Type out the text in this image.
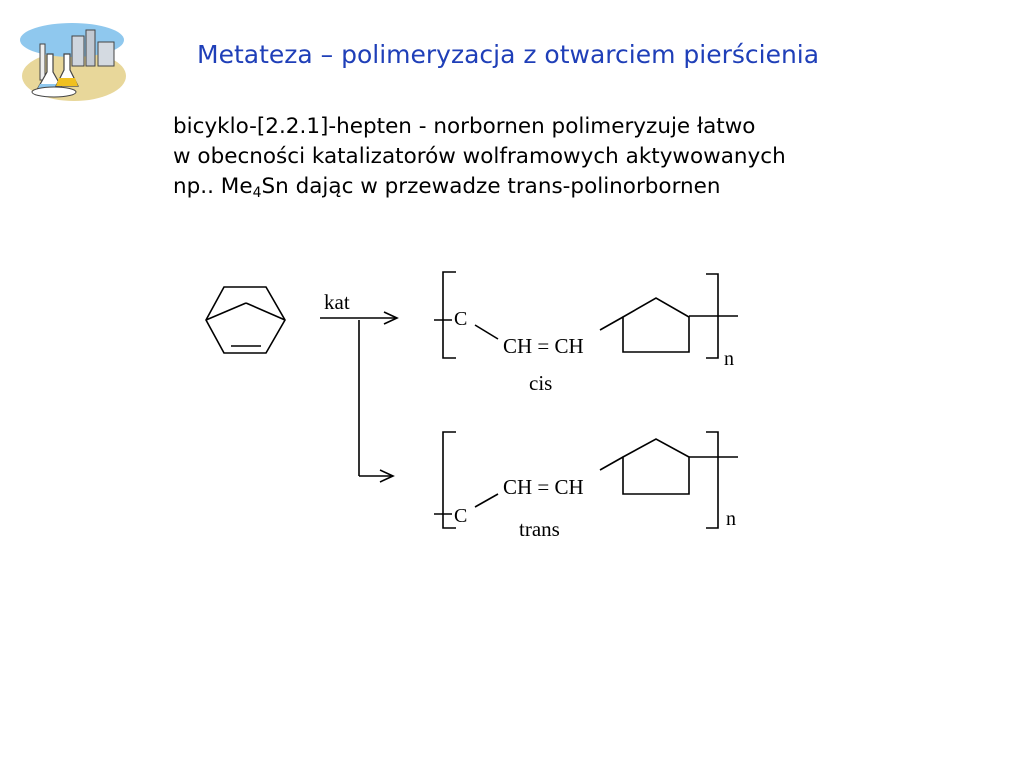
Metateza – polimeryzacja z otwarciem pierścienia
bicyklo-[2.2.1]-hepten - norbornen polimeryzuje łatwo
w obecności katalizatorów wolframowych aktywowanych
np.. $Me_4Sn$ dając w przewadze trans-polinorbornen
kat
C
CH = CH
n
cis
CH = CH
C	n
trans
